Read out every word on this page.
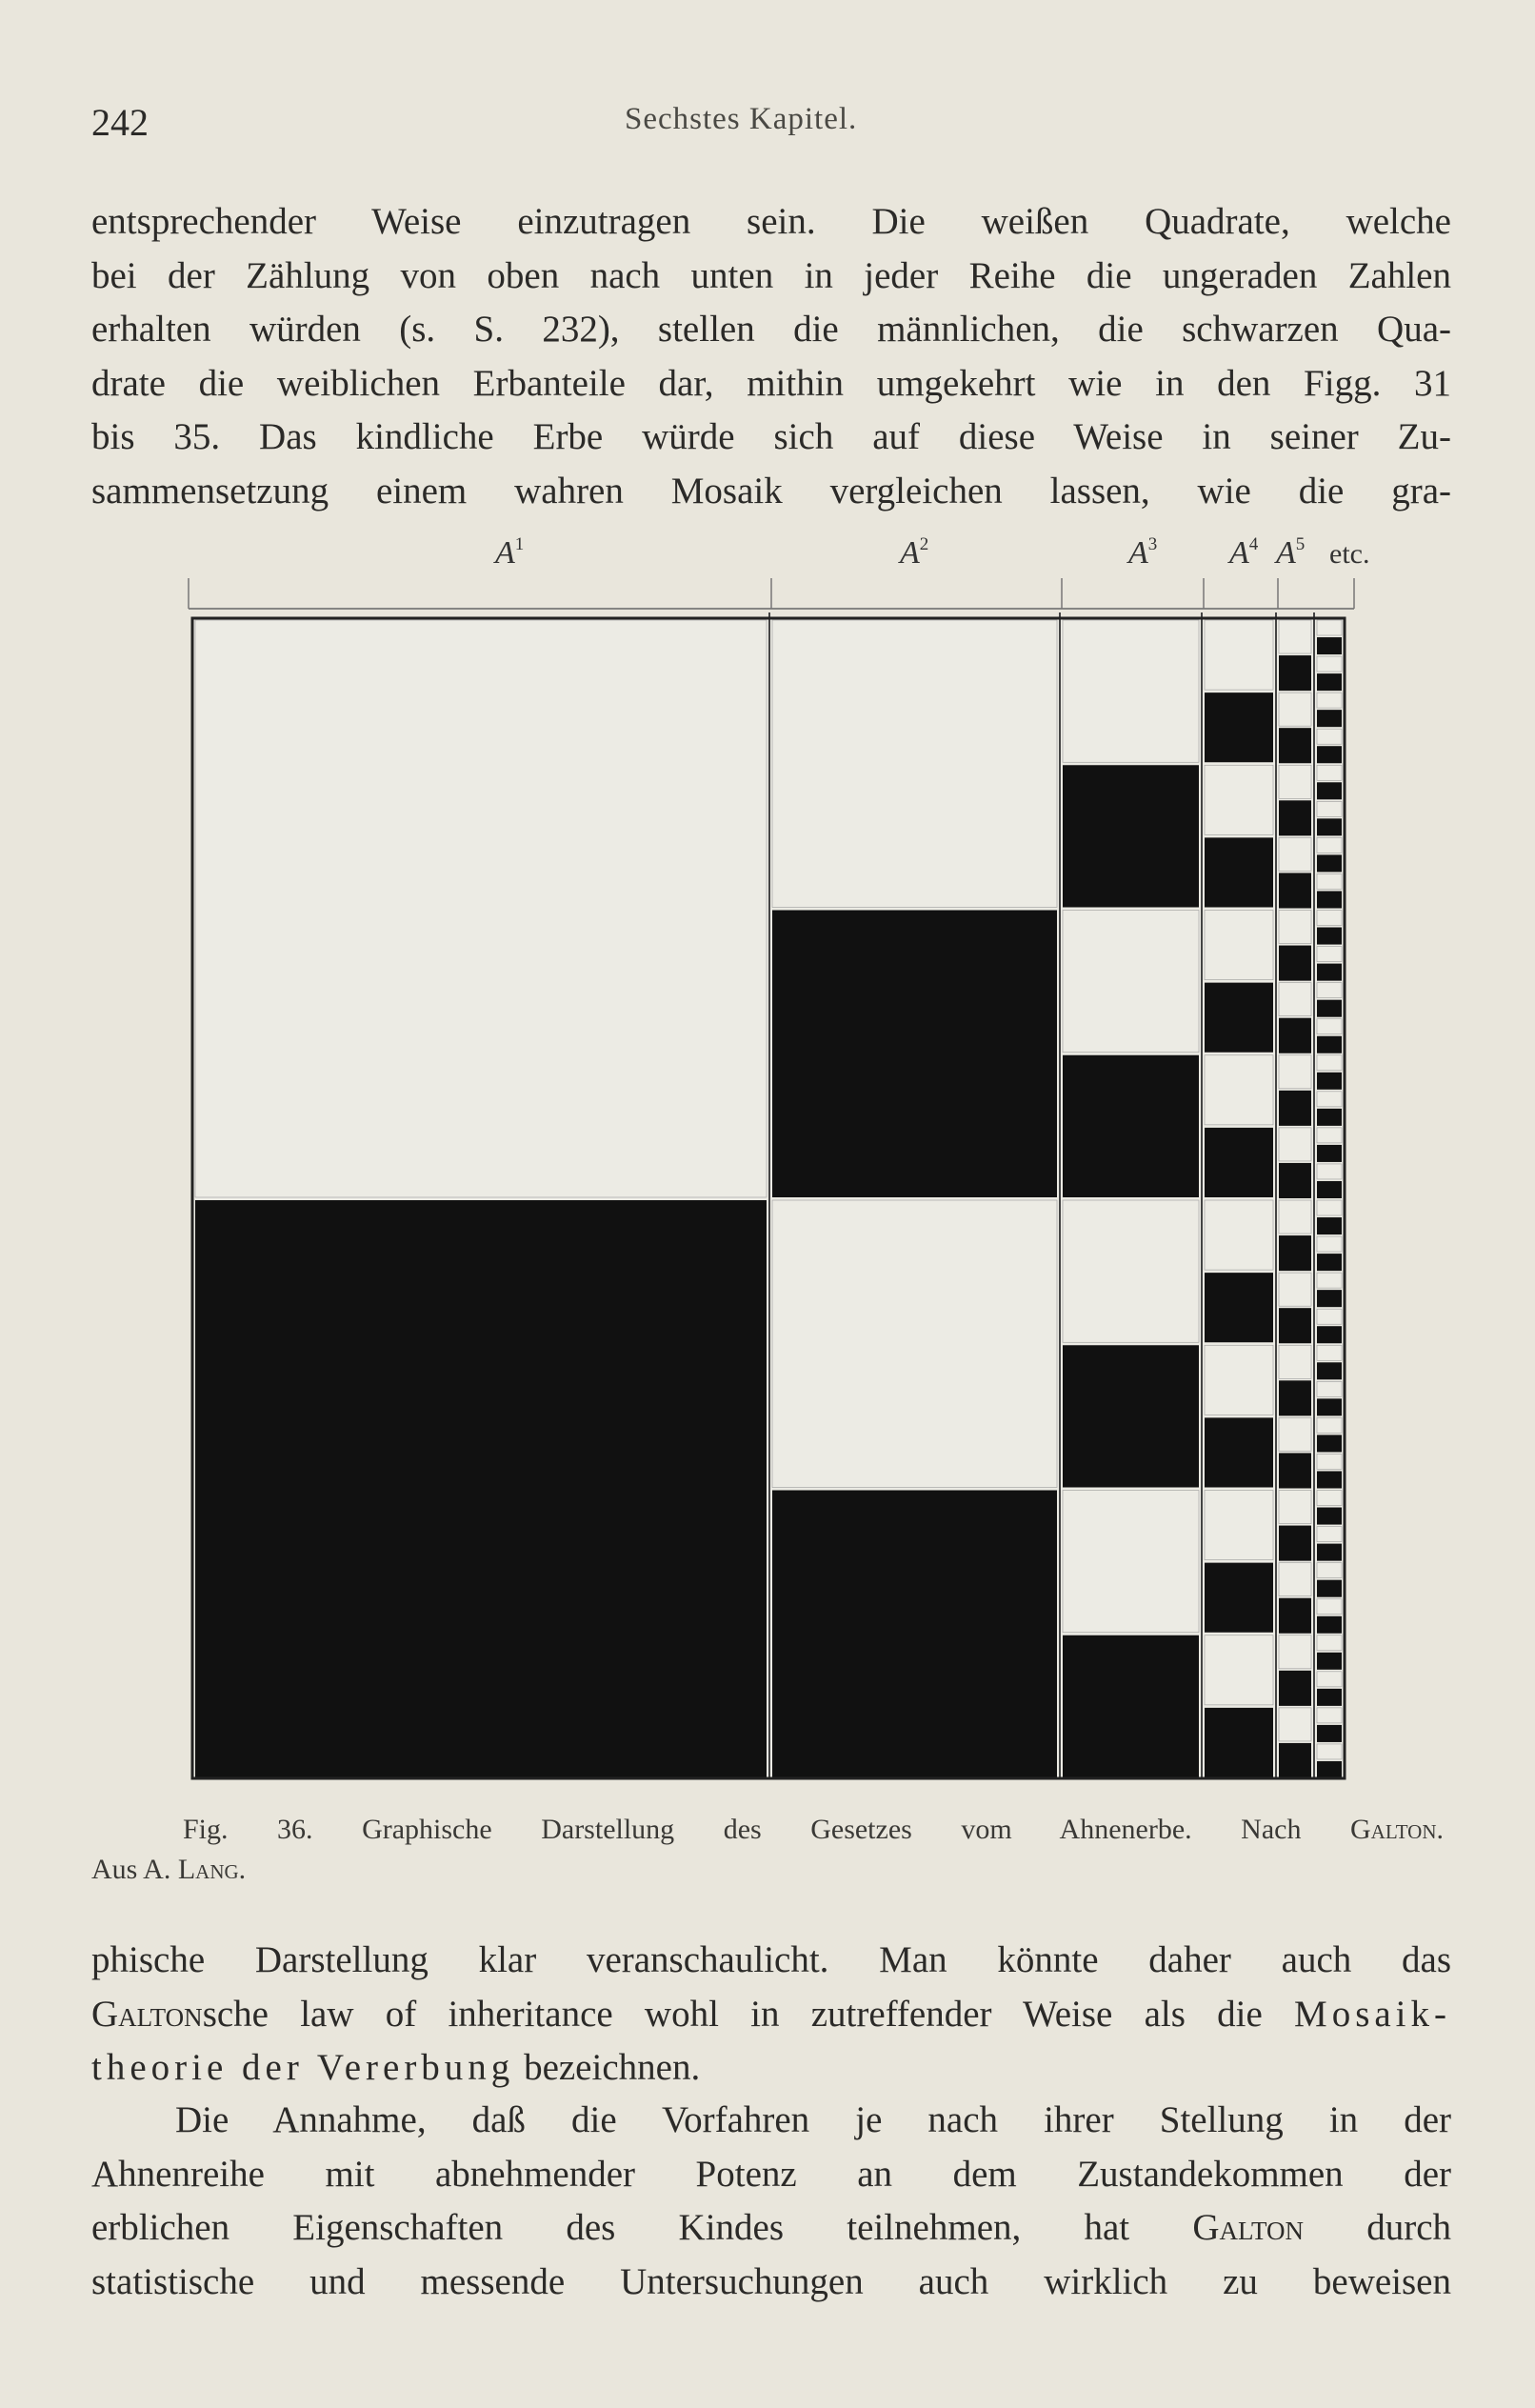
242	Sechstes Kapitel.

entsprechender Weise einzutragen sein. Die weißen Quadrate, welche
bei der Zählung von oben nach unten in jeder Reihe die ungeraden Zahlen
erhalten würden (s. S. 232), stellen die männlichen, die schwarzen Qua-
drate die weiblichen Erbanteile dar, mithin umgekehrt wie in den Figg. 31
bis 35. Das kindliche Erbe würde sich auf diese Weise in seiner Zu-
sammensetzung einem wahren Mosaik vergleichen lassen, wie die gra-

$A^1$	$A^2$	$A^3$ $A^4$ $A^5$ etc.
Fig. 36. Graphische Darstellung des Gesetzes vom Ahnenerbe. Nach Galton.
Aus A. Lang.

phische Darstellung klar veranschaulicht. Man könnte daher auch das
Galtonsche law of inheritance wohl in zutreffender Weise als die Mosaik-
theorie der Vererbung bezeichnen.

Die Annahme, daß die Vorfahren je nach ihrer Stellung in der
Ahnenreihe mit abnehmender Potenz an dem Zustandekommen der
erblichen Eigenschaften des Kindes teilnehmen, hat Galton durch
statistische und messende Untersuchungen auch wirklich zu beweisen
